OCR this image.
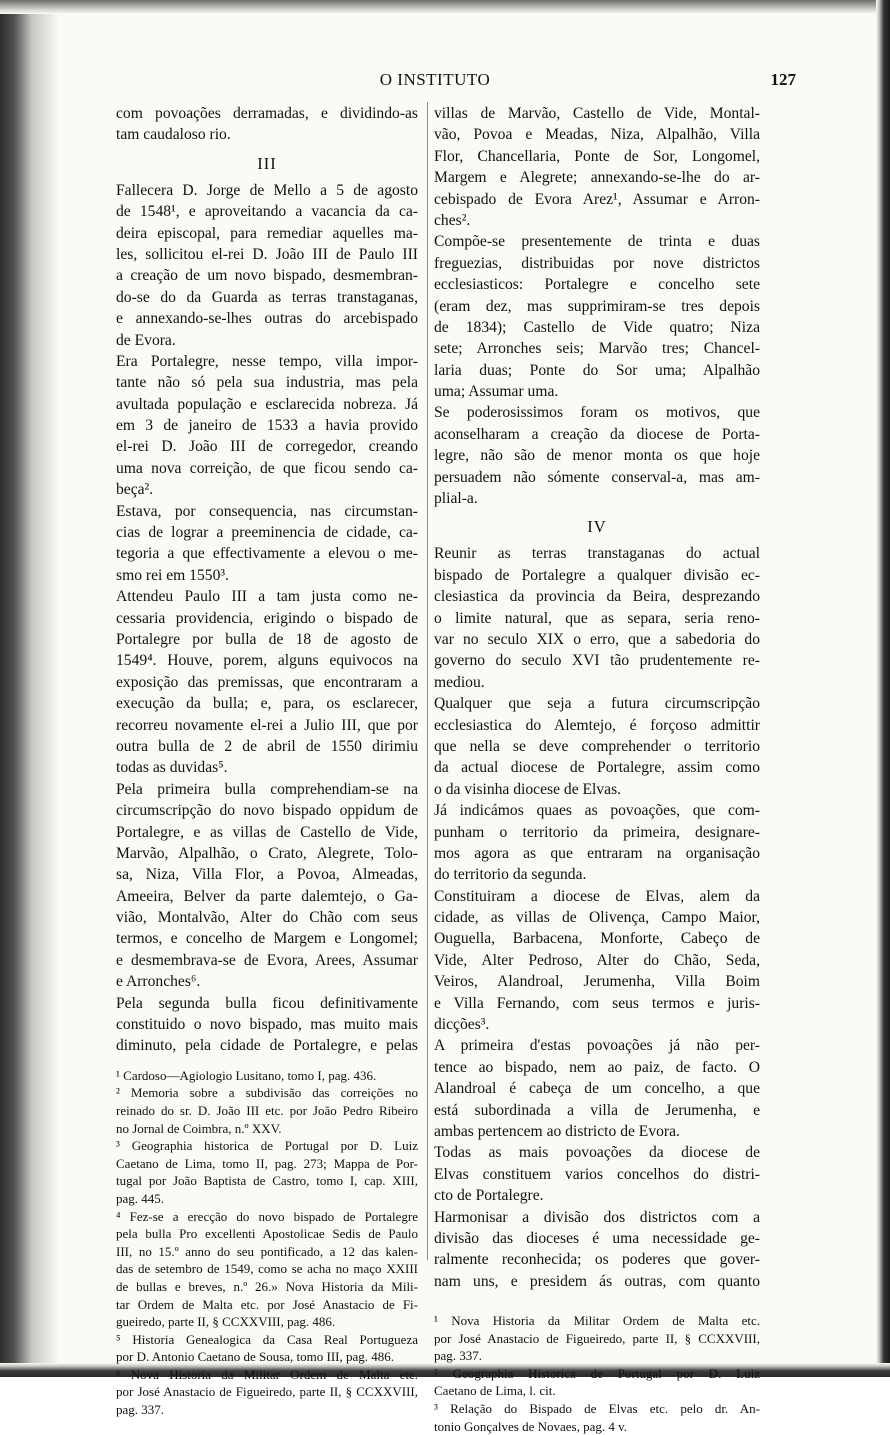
O INSTITUTO	127
com povoações derramadas, e dividindo-as
tam caudaloso rio.
III
Fallecera D. Jorge de Mello a 5 de agosto
de 1548¹, e aproveitando a vacancia da ca-
deira episcopal, para remediar aquelles ma-
les, sollicitou el-rei D. João III de Paulo III
a creação de um novo bispado, desmembran-
do-se do da Guarda as terras transtaganas,
e annexando-se-lhes outras do arcebispado
de Evora.
Era Portalegre, nesse tempo, villa impor-
tante não só pela sua industria, mas pela
avultada população e esclarecida nobreza. Já
em 3 de janeiro de 1533 a havia provido
el-rei D. João III de corregedor, creando
uma nova correição, de que ficou sendo ca-
beça².
Estava, por consequencia, nas circumstan-
cias de lograr a preeminencia de cidade, ca-
tegoria a que effectivamente a elevou o me-
smo rei em 1550³.
Attendeu Paulo III a tam justa como ne-
cessaria providencia, erigindo o bispado de
Portalegre por bulla de 18 de agosto de
1549⁴. Houve, porem, alguns equivocos na
exposição das premissas, que encontraram a
execução da bulla; e, para, os esclarecer,
recorreu novamente el-rei a Julio III, que por
outra bulla de 2 de abril de 1550 dirimiu
todas as duvidas⁵.
Pela primeira bulla comprehendiam-se na
circumscripção do novo bispado oppidum de
Portalegre, e as villas de Castello de Vide,
Marvão, Alpalhão, o Crato, Alegrete, Tolo-
sa, Niza, Villa Flor, a Povoa, Almeadas,
Ameeira, Belver da parte dalemtejo, o Ga-
vião, Montalvão, Alter do Chão com seus
termos, e concelho de Margem e Longomel;
e desmembrava-se de Evora, Arees, Assumar
e Arronches⁶.
Pela segunda bulla ficou definitivamente
constituido o novo bispado, mas muito mais
diminuto, pela cidade de Portalegre, e pelas
¹ Cardoso—Agiologio Lusitano, tomo I, pag. 436.
² Memoria sobre a subdivisão das correições no
reinado do sr. D. João III etc. por João Pedro Ribeiro
no Jornal de Coimbra, n.º XXV.
³ Geographia historica de Portugal por D. Luiz
Caetano de Lima, tomo II, pag. 273; Mappa de Por-
tugal por João Baptista de Castro, tomo I, cap. XIII,
pag. 445.
⁴ Fez-se a erecção do novo bispado de Portalegre
pela bulla Pro excellenti Apostolicae Sedis de Paulo
III, no 15.º anno do seu pontificado, a 12 das kalen-
das de setembro de 1549, como se acha no maço XXIII
de bullas e breves, n.º 26.» Nova Historia da Mili-
tar Ordem de Malta etc. por José Anastacio de Fi-
gueiredo, parte II, § CCXXVIII, pag. 486.
⁵ Historia Genealogica da Casa Real Portugueza
por D. Antonio Caetano de Sousa, tomo III, pag. 486.
⁶ Nova Historia da Militar Ordem de Malta etc.
por José Anastacio de Figueiredo, parte II, § CCXXVIII,
pag. 337.
villas de Marvão, Castello de Vide, Montal-
vão, Povoa e Meadas, Niza, Alpalhão, Villa
Flor, Chancellaria, Ponte de Sor, Longomel,
Margem e Alegrete; annexando-se-lhe do ar-
cebispado de Evora Arez¹, Assumar e Arron-
ches².
Compõe-se presentemente de trinta e duas
freguezias, distribuidas por nove districtos
ecclesiasticos: Portalegre e concelho sete
(eram dez, mas supprimiram-se tres depois
de 1834); Castello de Vide quatro; Niza
sete; Arronches seis; Marvão tres; Chancel-
laria duas; Ponte do Sor uma; Alpalhão
uma; Assumar uma.
Se poderosissimos foram os motivos, que
aconselharam a creação da diocese de Porta-
legre, não são de menor monta os que hoje
persuadem não sómente conserval-a, mas am-
plial-a.
IV
Reunir as terras transtaganas do actual
bispado de Portalegre a qualquer divisão ec-
clesiastica da provincia da Beira, desprezando
o limite natural, que as separa, seria reno-
var no seculo XIX o erro, que a sabedoria do
governo do seculo XVI tão prudentemente re-
mediou.
Qualquer que seja a futura circumscripção
ecclesiastica do Alemtejo, é forçoso admittir
que nella se deve comprehender o territorio
da actual diocese de Portalegre, assim como
o da visinha diocese de Elvas.
Já indicámos quaes as povoações, que com-
punham o territorio da primeira, designare-
mos agora as que entraram na organisação
do territorio da segunda.
Constituiram a diocese de Elvas, alem da
cidade, as villas de Olivença, Campo Maior,
Ouguella, Barbacena, Monforte, Cabeço de
Vide, Alter Pedroso, Alter do Chão, Seda,
Veiros, Alandroal, Jerumenha, Villa Boim
e Villa Fernando, com seus termos e juris-
dicções³.
A primeira d'estas povoações já não per-
tence ao bispado, nem ao paiz, de facto. O
Alandroal é cabeça de um concelho, a que
está subordinada a villa de Jerumenha, e
ambas pertencem ao districto de Evora.
Todas as mais povoações da diocese de
Elvas constituem varios concelhos do distri-
cto de Portalegre.
Harmonisar a divisão dos districtos com a
divisão das dioceses é uma necessidade ge-
ralmente reconhecida; os poderes que gover-
nam uns, e presidem ás outras, com quanto
¹ Nova Historia da Militar Ordem de Malta etc.
por José Anastacio de Figueiredo, parte II, § CCXXVIII,
pag. 337.
² Geographia Historica de Portugal por D. Luiz
Caetano de Lima, l. cit.
³ Relação do Bispado de Elvas etc. pelo dr. An-
tonio Gonçalves de Novaes, pag. 4 v.
